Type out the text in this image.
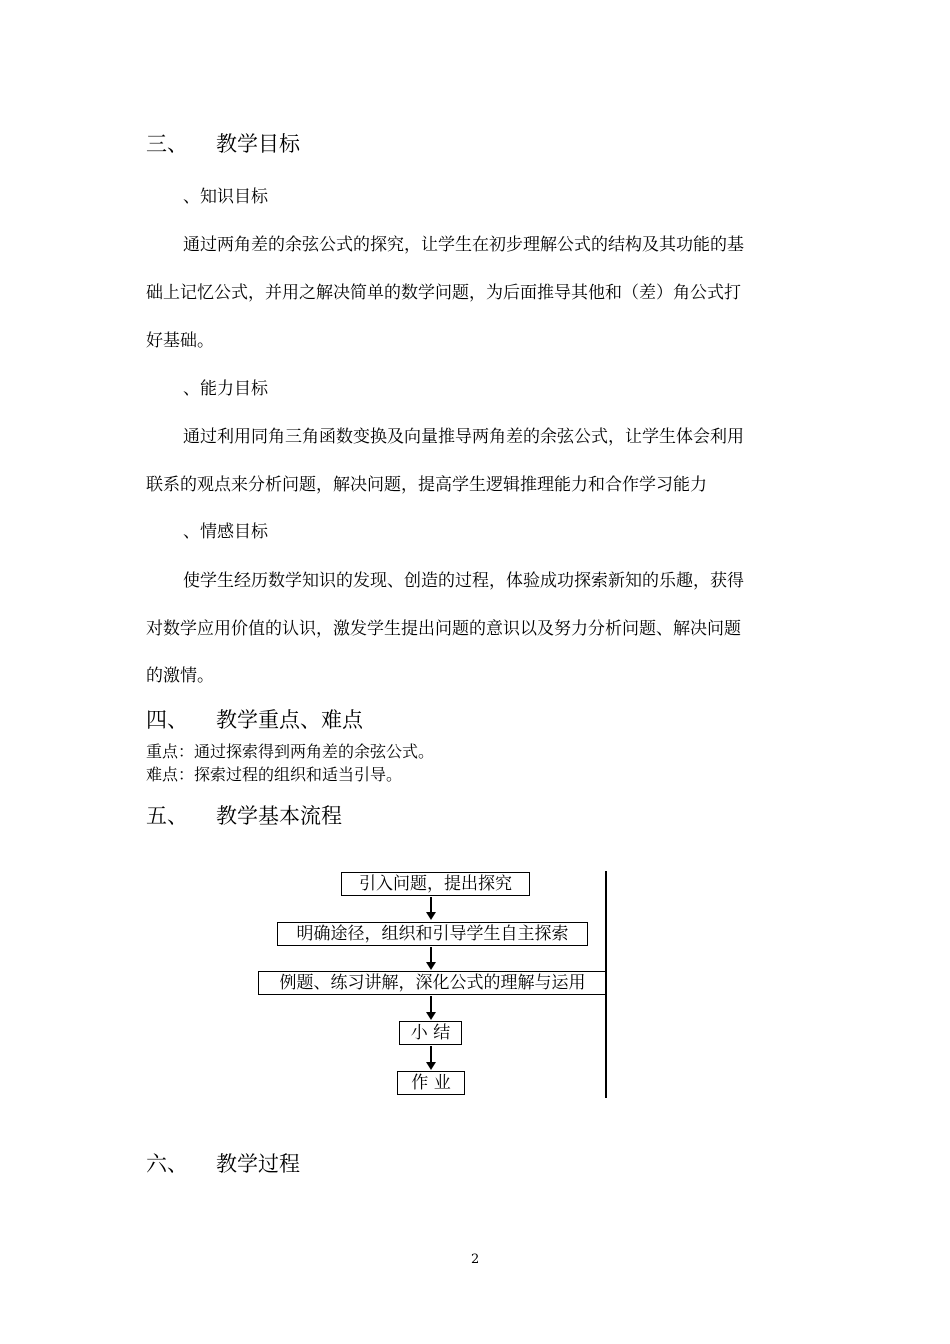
三、 教学目标
、知识目标
通过两角差的余弦公式的探究，让学生在初步理解公式的结构及其功能的基
础上记忆公式，并用之解决简单的数学问题，为后面推导其他和（差）角公式打
好基础。
、能力目标
通过利用同角三角函数变换及向量推导两角差的余弦公式，让学生体会利用
联系的观点来分析问题，解决问题，提高学生逻辑推理能力和合作学习能力
、情感目标
使学生经历数学知识的发现、创造的过程，体验成功探索新知的乐趣，获得
对数学应用价值的认识，激发学生提出问题的意识以及努力分析问题、解决问题
的激情。
四、 教学重点、难点
重点：通过探索得到两角差的余弦公式。
难点：探索过程的组织和适当引导。
五、 教学基本流程
引入问题，提出探究
明确途径，组织和引导学生自主探索
例题、练习讲解，深化公式的理解与运用
小 结
作 业
六、 教学过程
2
